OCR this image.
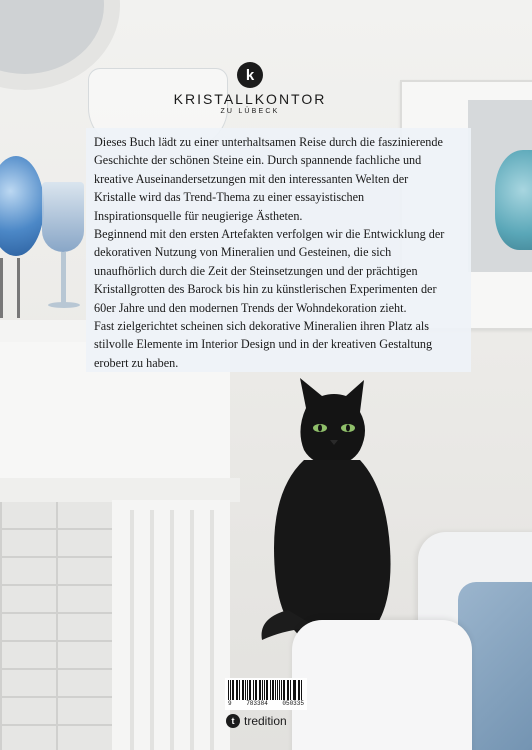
k
KRISTALLKONTOR
ZU LÜBECK
Dieses Buch lädt zu einer unterhaltsamen Reise durch die faszinierende
Geschichte der schönen Steine ein. Durch spannende fachliche und
kreative Auseinandersetzungen mit den interessanten Welten der
Kristalle wird das Trend-Thema zu einer essayistischen
Inspirationsquelle für neugierige Ästheten.
Beginnend mit den ersten Artefakten verfolgen wir die Entwicklung der
dekorativen Nutzung von Mineralien und Gesteinen, die sich
unaufhörlich durch die Zeit der Steinsetzungen und der prächtigen
Kristallgrotten des Barock bis hin zu künstlerischen Experimenten der
60er Jahre und den modernen Trends der Wohndekoration zieht.
Fast zielgerichtet scheinen sich dekorative Mineralien ihren Platz als
stilvolle Elemente im Interior Design und in der kreativen Gestaltung
erobert zu haben.
9 783384 050335
t tredition
